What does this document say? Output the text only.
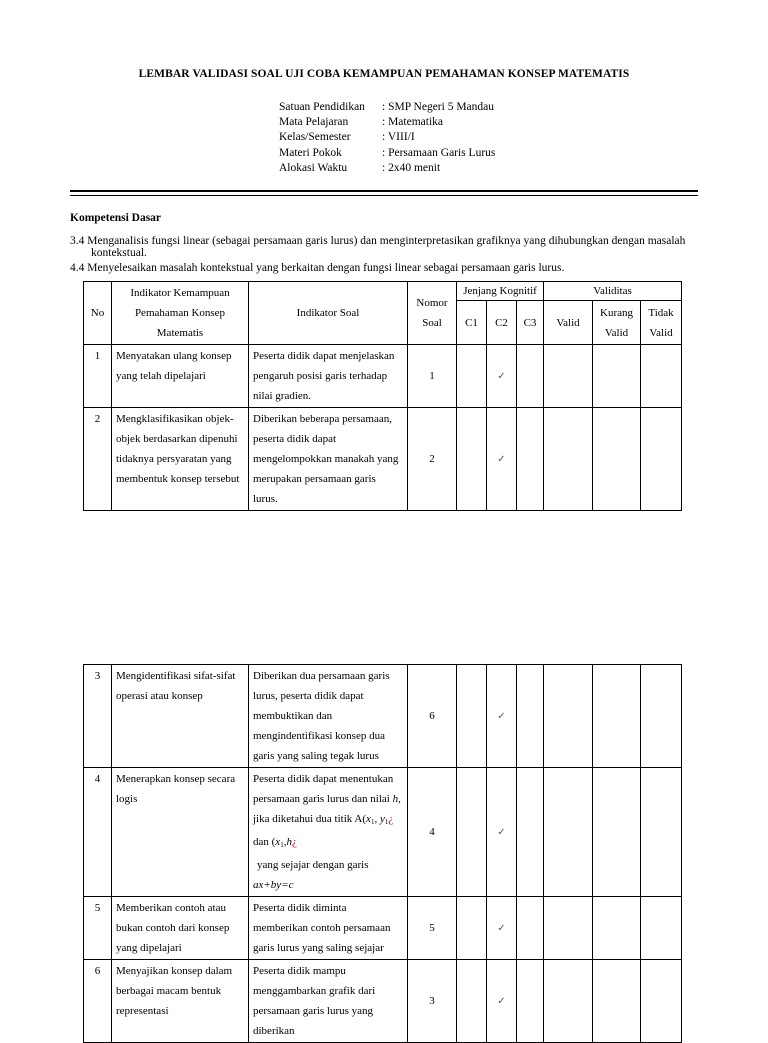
LEMBAR VALIDASI SOAL UJI COBA KEMAMPUAN PEMAHAMAN KONSEP MATEMATIS
Satuan Pendidikan	: SMP Negeri 5 Mandau
Mata Pelajaran	: Matematika
Kelas/Semester	: VIII/I
Materi Pokok	: Persamaan Garis Lurus
Alokasi Waktu	: 2x40 menit
Kompetensi Dasar
3.4 Menganalisis fungsi linear (sebagai persamaan garis lurus) dan menginterpretasikan grafiknya yang dihubungkan dengan masalah
kontekstual.
4.4 Menyelesaikan masalah kontekstual yang berkaitan dengan fungsi linear sebagai persamaan garis lurus.
No	Indikator Kemampuan Pemahaman Konsep Matematis	Indikator Soal	Nomor Soal	Jenjang Kognitif			Validitas		
				C1	C2	C3	Valid	Kurang Valid	Tidak Valid
1	Menyatakan ulang konsep yang telah dipelajari	Peserta didik dapat menjelaskan pengaruh posisi garis terhadap nilai gradien.	1		✓				
2	Mengklasifikasikan objek-objek berdasarkan dipenuhi tidaknya persyaratan yang membentuk konsep tersebut	Diberikan beberapa persamaan, peserta didik dapat mengelompokkan manakah yang merupakan persamaan garis lurus.	2		✓				
3	Mengidentifikasi sifat-sifat operasi atau konsep	Diberikan dua persamaan garis lurus, peserta didik dapat membuktikan dan mengindentifikasi konsep dua garis yang saling tegak lurus	6		✓				
4	Menerapkan konsep secara logis	Peserta didik dapat menentukan persamaan garis lurus dan nilai h, jika diketahui dua titik $A(x_1$, $y_1¿$ dan ($x_1,h¿$
yang sejajar dengan garis
ax+by=c	4		✓				
5	Memberikan contoh atau bukan contoh dari konsep yang dipelajari	Peserta didik diminta memberikan contoh persamaan garis lurus yang saling sejajar	5		✓				
6	Menyajikan konsep dalam berbagai macam bentuk representasi	Peserta didik mampu menggambarkan grafik dari persamaan garis lurus yang diberikan	3		✓				
